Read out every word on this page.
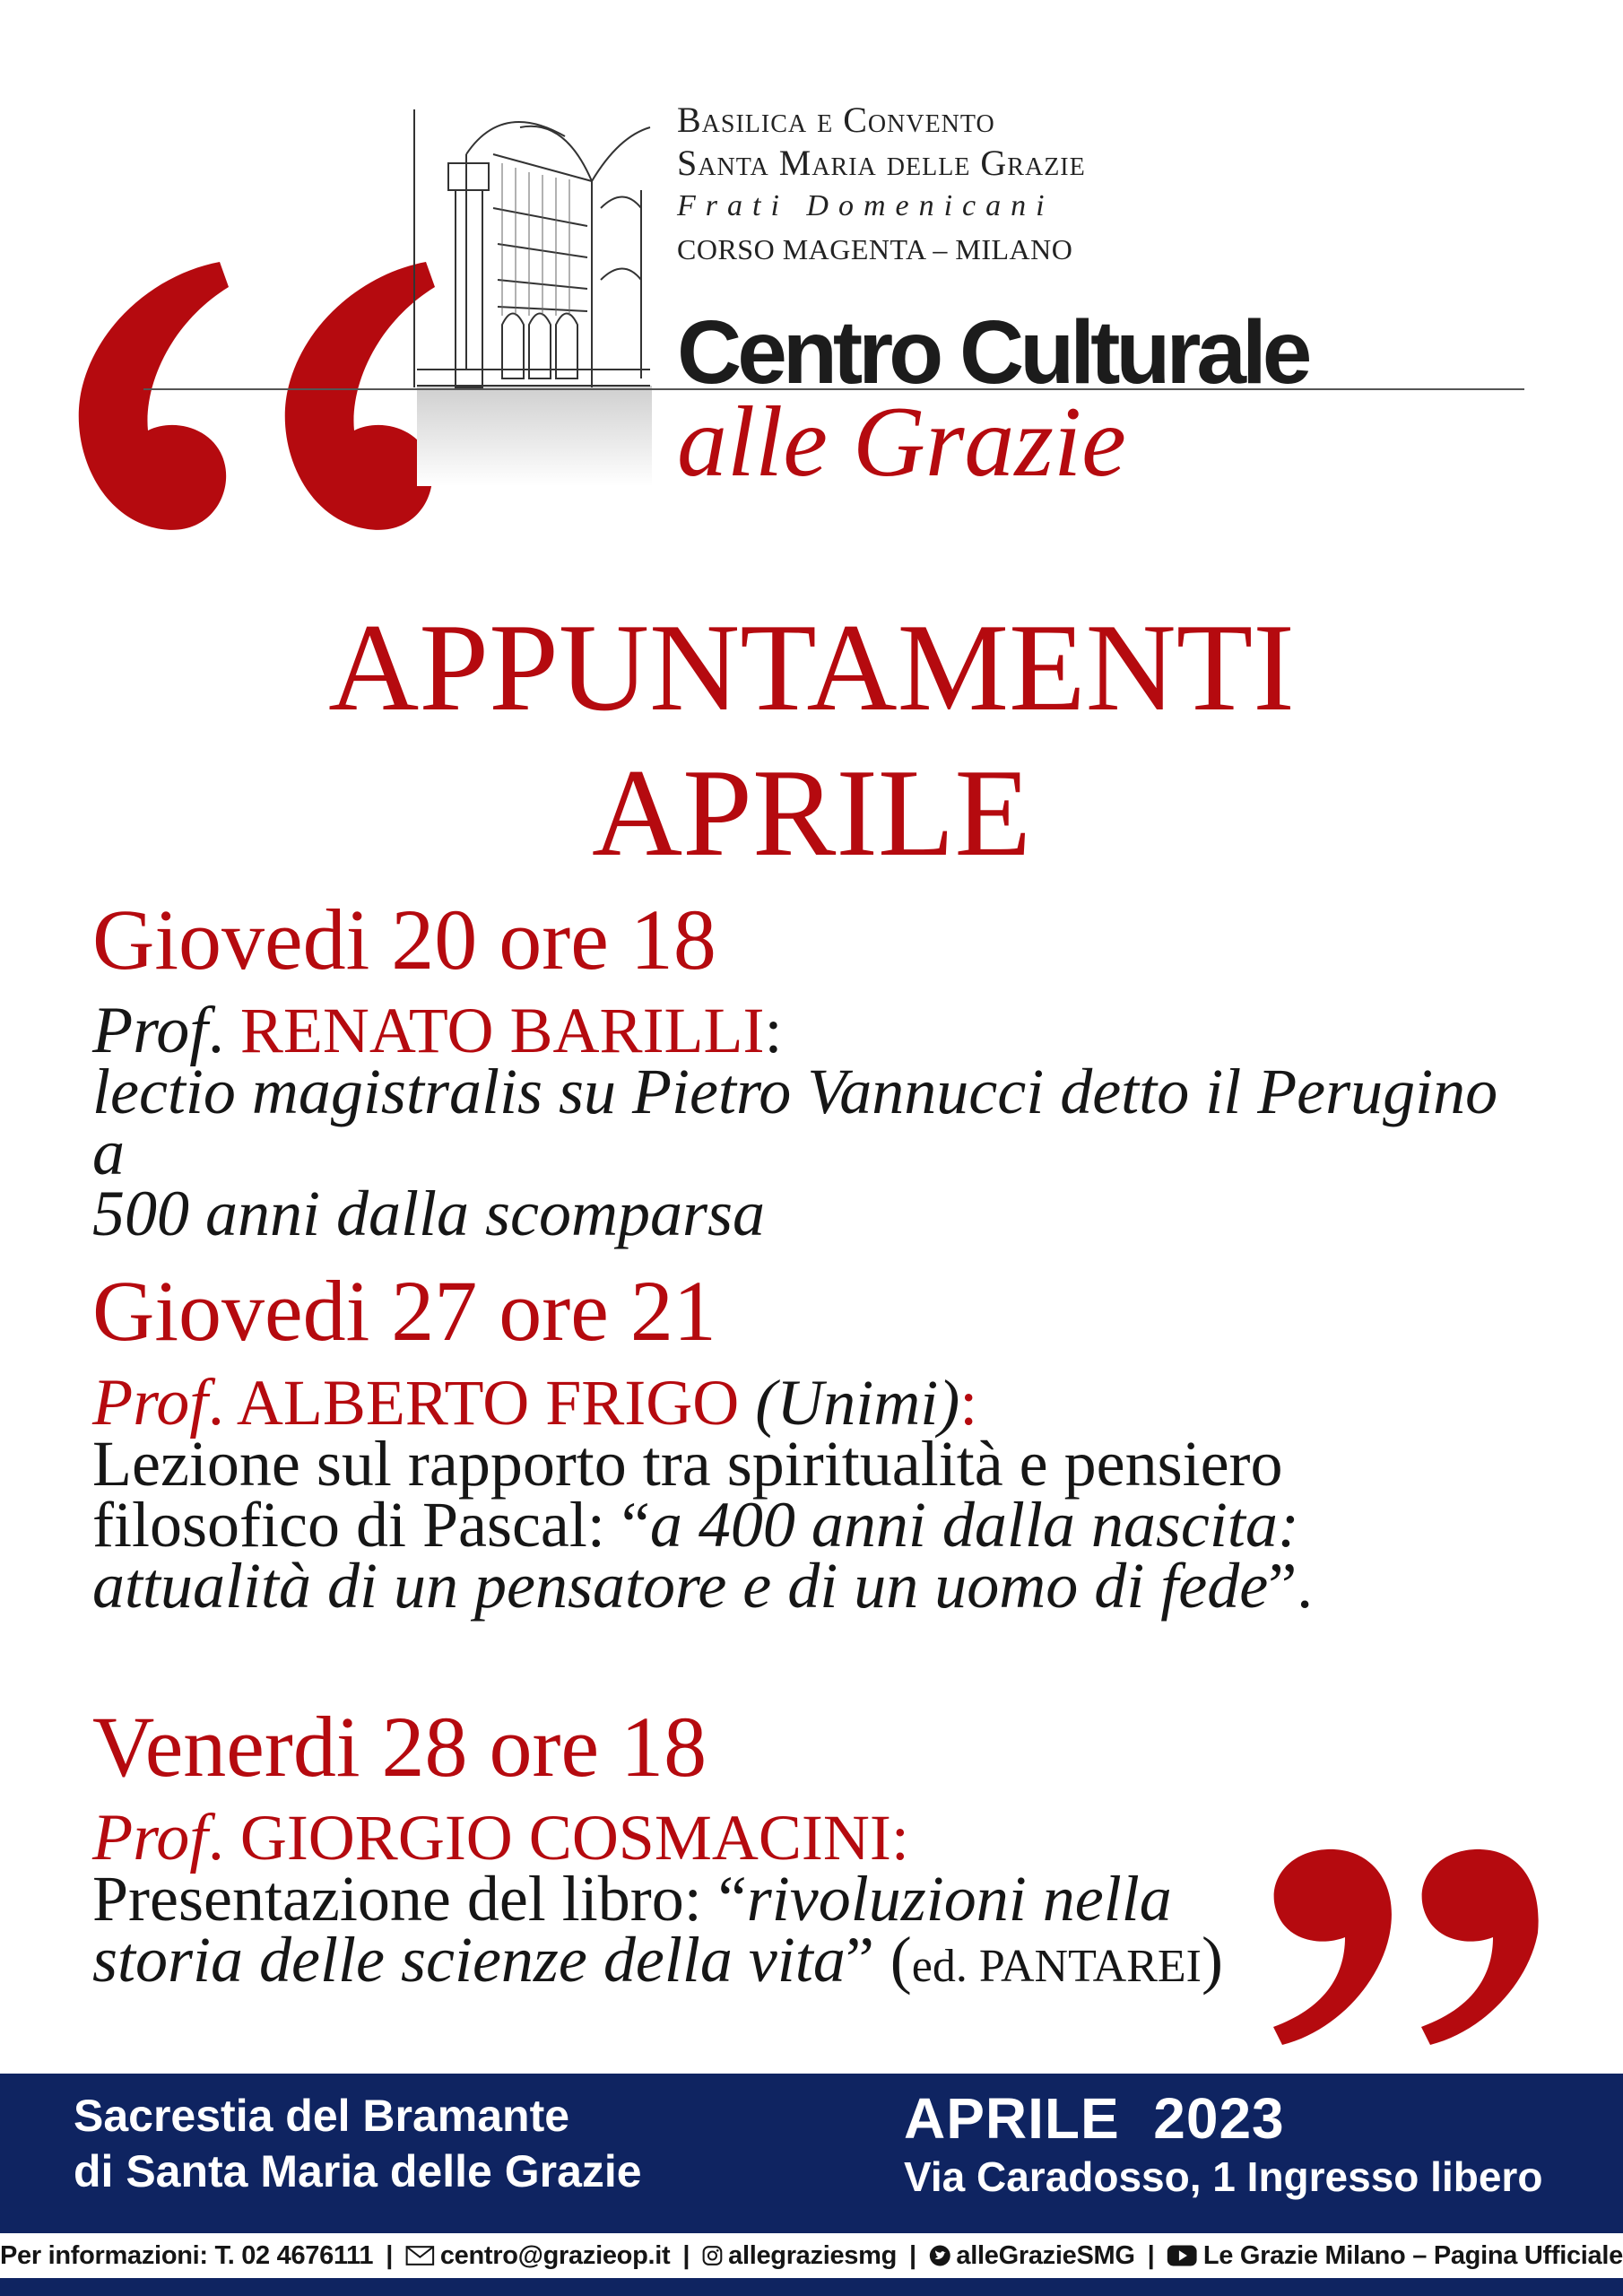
Basilica e Convento
Santa Maria delle Grazie
Frati Domenicani
CORSO MAGENTA – MILANO
Centro Culturale
alle Grazie
APPUNTAMENTI
APRILE
Giovedi 20 ore 18
Prof. RENATO BARILLI:
lectio magistralis su Pietro Vannucci detto il Perugino a
500 anni dalla scomparsa
Giovedi 27 ore 21
Prof. ALBERTO FRIGO (Unimi):
Lezione sul rapporto tra spiritualità e pensiero
filosofico di Pascal: “a 400 anni dalla nascita:
attualità di un pensatore e di un uomo di fede”.
Venerdi 28 ore 18
Prof. GIORGIO COSMACINI:
Presentazione del libro: “rivoluzioni nella
storia delle scienze della vita” (ed. PANTAREI)
Sacrestia del Bramante
di Santa Maria delle Grazie
APRILE  2023
Via Caradosso, 1 Ingresso libero
Per informazioni: T. 02 4676111 | centro@grazieop.it | allegraziesmg | alleGrazieSMG | Le Grazie Milano – Pagina Ufficiale
